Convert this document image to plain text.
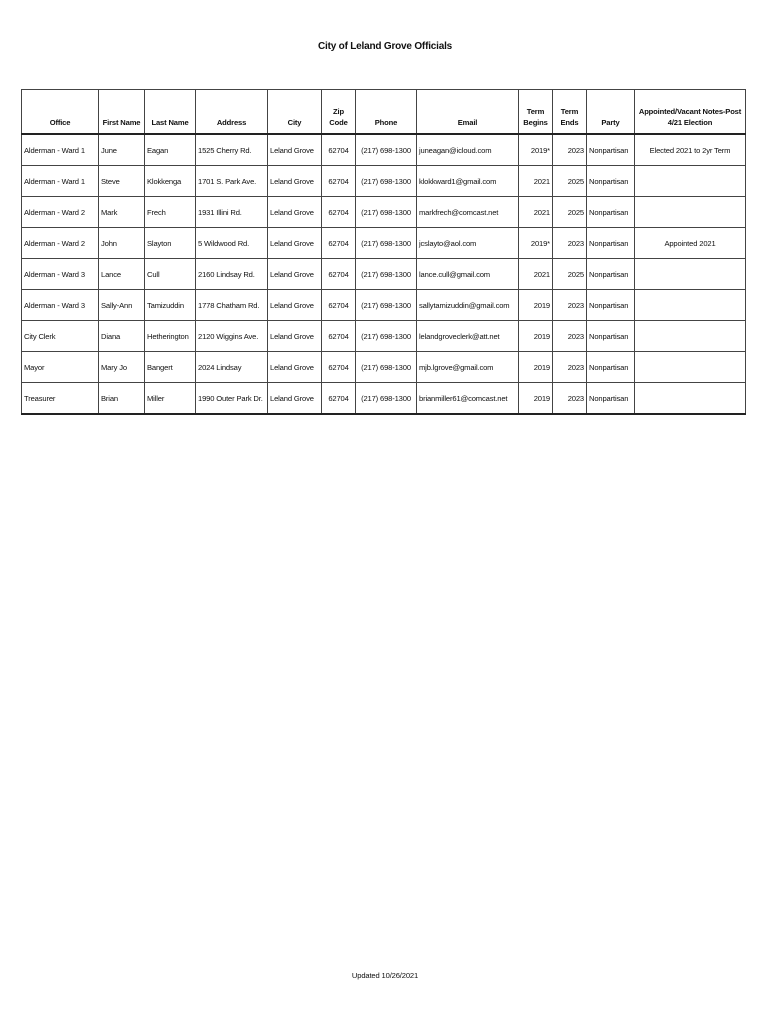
City of Leland Grove Officials
Office	First Name	Last Name	Address	City	Zip Code	Phone	Email	Term Begins	Term Ends	Party	Appointed/Vacant Notes-Post 4/21 Election
Alderman - Ward 1	June	Eagan	1525 Cherry Rd.	Leland Grove	62704	(217) 698-1300	juneagan@icloud.com	2019*	2023	Nonpartisan	Elected 2021 to 2yr Term
Alderman - Ward 1	Steve	Klokkenga	1701 S. Park Ave.	Leland Grove	62704	(217) 698-1300	klokkward1@gmail.com	2021	2025	Nonpartisan	
Alderman - Ward 2	Mark	Frech	1931 Illini Rd.	Leland Grove	62704	(217) 698-1300	markfrech@comcast.net	2021	2025	Nonpartisan	
Alderman - Ward 2	John	Slayton	5 Wildwood Rd.	Leland Grove	62704	(217) 698-1300	jcslayto@aol.com	2019*	2023	Nonpartisan	Appointed 2021
Alderman - Ward 3	Lance	Cull	2160 Lindsay Rd.	Leland Grove	62704	(217) 698-1300	lance.cull@gmail.com	2021	2025	Nonpartisan	
Alderman - Ward 3	Sally-Ann	Tamizuddin	1778 Chatham Rd.	Leland Grove	62704	(217) 698-1300	sallytamizuddin@gmail.com	2019	2023	Nonpartisan	
City Clerk	Diana	Hetherington	2120 Wiggins Ave.	Leland Grove	62704	(217) 698-1300	lelandgroveclerk@att.net	2019	2023	Nonpartisan	
Mayor	Mary Jo	Bangert	2024 Lindsay	Leland Grove	62704	(217) 698-1300	mjb.lgrove@gmail.com	2019	2023	Nonpartisan	
Treasurer	Brian	Miller	1990 Outer Park Dr.	Leland Grove	62704	(217) 698-1300	brianmiller61@comcast.net	2019	2023	Nonpartisan	
Updated 10/26/2021
